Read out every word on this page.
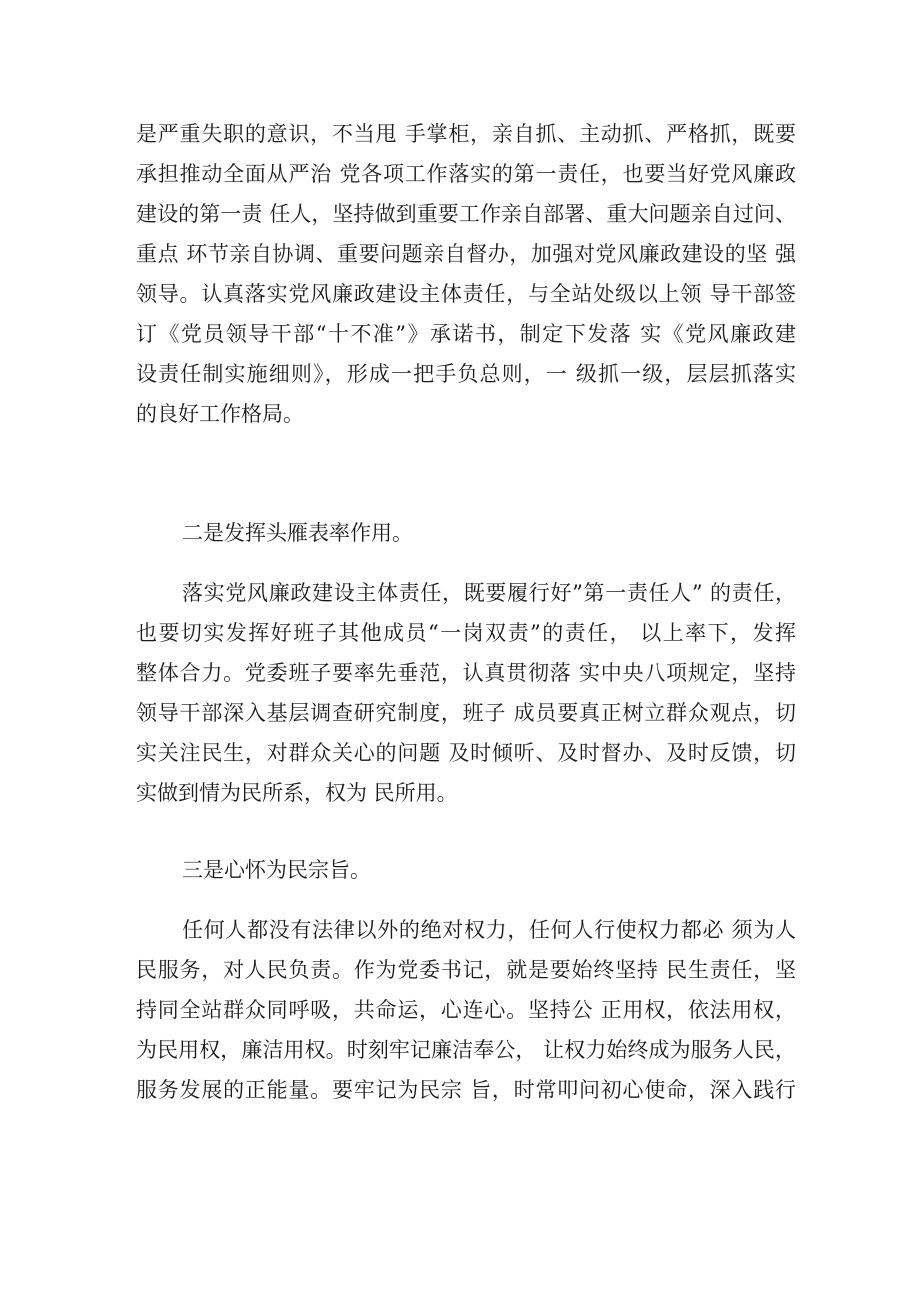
是严重失职的意识，不当甩 手掌柜，亲自抓、主动抓、严格抓，既要
承担推动全面从严治 党各项工作落实的第一责任，也要当好党风廉政
建设的第一责 任人，坚持做到重要工作亲自部署、重大问题亲自过问、
重点 环节亲自协调、重要问题亲自督办，加强对党风廉政建设的坚 强
领导。认真落实党风廉政建设主体责任，与全站处级以上领 导干部签
订《党员领导干部“十不准”》承诺书，制定下发落 实《党风廉政建
设责任制实施细则》，形成一把手负总则，一 级抓一级，层层抓落实
的良好工作格局。
二是发挥头雁表率作用。
落实党风廉政建设主体责任，既要履行好”第一责任人” 的责任，
也要切实发挥好班子其他成员“一岗双责”的责任， 以上率下，发挥
整体合力。党委班子要率先垂范，认真贯彻落 实中央八项规定，坚持
领导干部深入基层调查研究制度，班子 成员要真正树立群众观点，切
实关注民生，对群众关心的问题 及时倾听、及时督办、及时反馈，切
实做到情为民所系，权为 民所用。
三是心怀为民宗旨。
任何人都没有法律以外的绝对权力，任何人行使权力都必 须为人
民服务，对人民负责。作为党委书记，就是要始终坚持 民生责任，坚
持同全站群众同呼吸，共命运，心连心。坚持公 正用权，依法用权，
为民用权，廉洁用权。时刻牢记廉洁奉公， 让权力始终成为服务人民，
服务发展的正能量。要牢记为民宗 旨，时常叩问初心使命，深入践行
